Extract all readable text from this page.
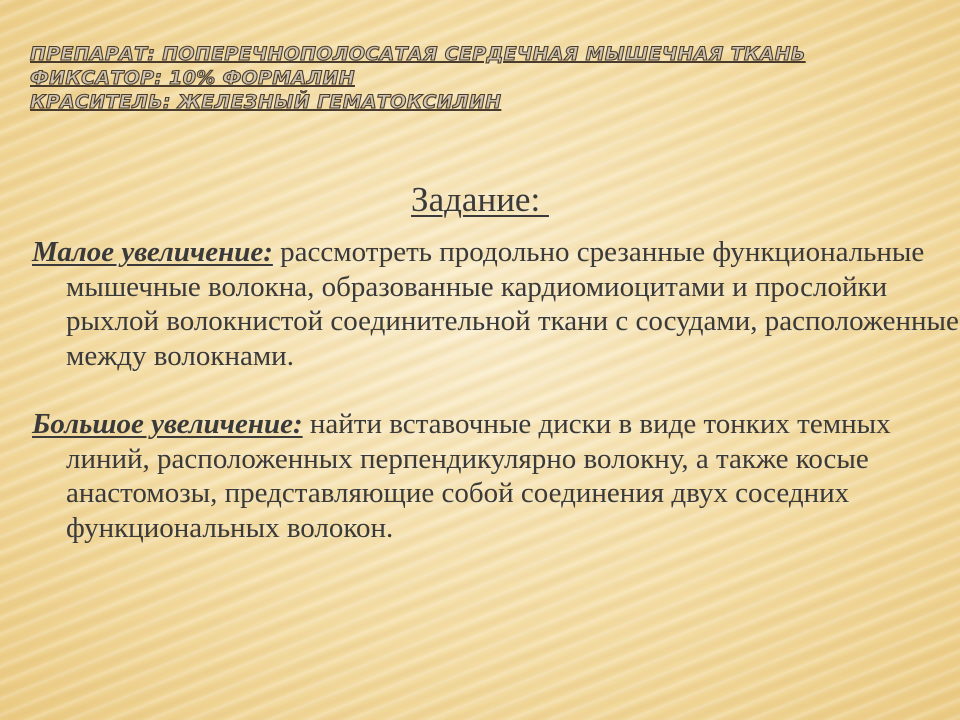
ПРЕПАРАТ: ПОПЕРЕЧНОПОЛОСАТАЯ СЕРДЕЧНАЯ МЫШЕЧНАЯ ТКАНЬ
ФИКСАТОР: 10% ФОРМАЛИН
КРАСИТЕЛЬ: ЖЕЛЕЗНЫЙ ГЕМАТОКСИЛИН
Задание:
Малое увеличение: рассмотреть продольно срезанные функциональные мышечные волокна, образованные кардиомиоцитами и прослойки рыхлой волокнистой соединительной ткани с сосудами, расположенные между волокнами.
Большое увеличение: найти вставочные диски в виде тонких темных линий, расположенных перпендикулярно волокну, а также косые анастомозы, представляющие собой соединения двух соседних функциональных волокон.
